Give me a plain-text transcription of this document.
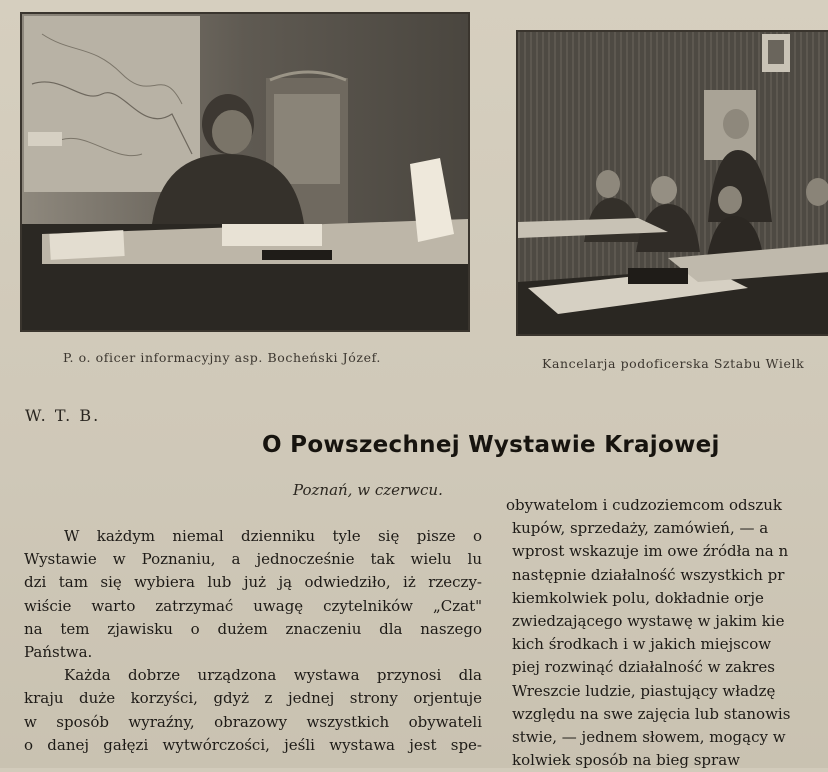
P. o. oficer informacyjny asp. Bocheński Józef.	Kancelarja podoficerska Sztabu Wielk
W. T. B.
O Powszechnej Wystawie Krajowej
Poznań, w czerwcu.
W każdym niemal dzienniku tyle się pisze o
Wystawie w Poznaniu, a jednocześnie tak wielu lu
dzi tam się wybiera lub już ją odwiedziło, iż rzeczy-
wiście warto zatrzymać uwagę czytelników „Czat"
na tem zjawisku o dużem znaczeniu dla naszego
Państwa.
Każda dobrze urządzona wystawa przynosi dla
kraju duże korzyści, gdyż z jednej strony orjentuje
w sposób wyraźny, obrazowy wszystkich obywateli
o danej gałęzi wytwórczości, jeśli wystawa jest spe-
obywatelom i cudzoziemcom odszuk
kupów, sprzedaży, zamówień, — a
wprost wskazuje im owe źródła na n
następnie działalność wszystkich pr
kiemkolwiek polu, dokładnie orje
zwiedzającego wystawę w jakim kie
kich środkach i w jakich miejscow
piej rozwinąć działalność w zakres
Wreszcie ludzie, piastujący władzę
względu na swe zajęcia lub stanowis
stwie, — jednem słowem, mogący w
kolwiek sposób na bieg spraw
